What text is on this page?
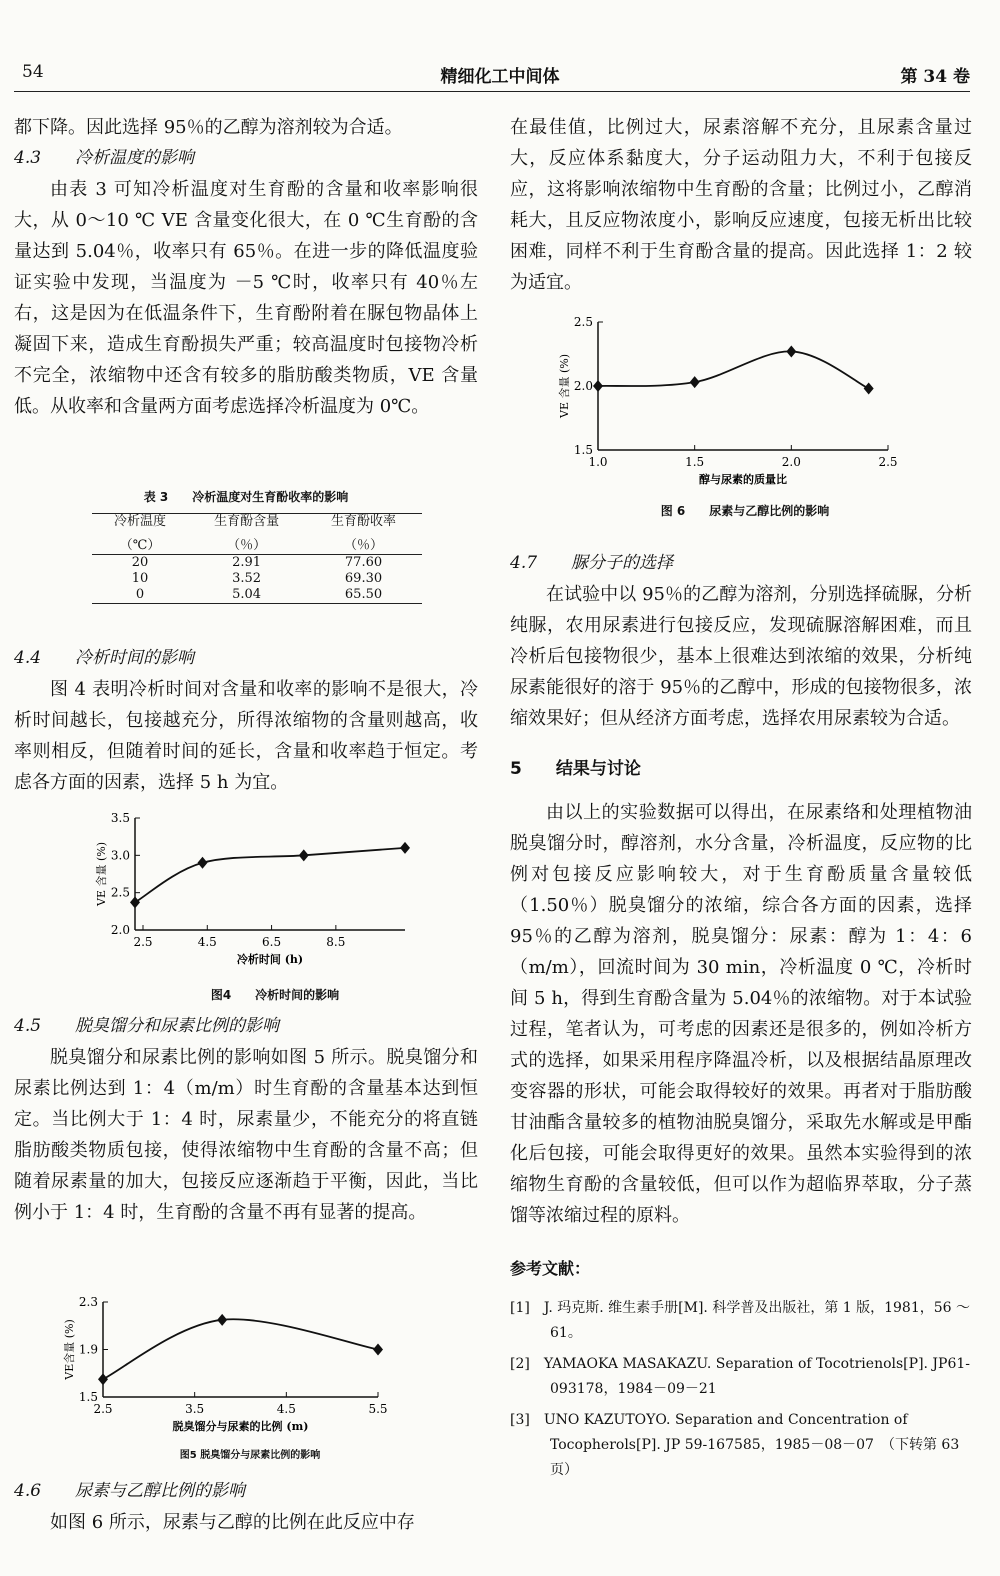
54	精细化工中间体	第 34 卷

都下降。因此选择 95％的乙醇为溶剂较为合适。

4.3　　冷析温度的影响

由表 3 可知冷析温度对生育酚的含量和收率影响很大，从 0～10 ℃ VE 含量变化很大，在 0 ℃生育酚的含量达到 5.04％，收率只有 65％。在进一步的降低温度验证实验中发现，当温度为 －5 ℃时，收率只有 40％左右，这是因为在低温条件下，生育酚附着在脲包物晶体上凝固下来，造成生育酚损失严重；较高温度时包接物冷析不完全，浓缩物中还含有较多的脂肪酸类物质，VE 含量低。从收率和含量两方面考虑选择冷析温度为 0℃。

表 3　　冷析温度对生育酚收率的影响
冷析温度	生育酚含量	生育酚收率
（℃）	（％）	（％）
20	2.91	77.60
10	3.52	69.30
0	5.04	65.50

4.4　　冷析时间的影响

图 4 表明冷析时间对含量和收率的影响不是很大，冷析时间越长，包接越充分，所得浓缩物的含量则越高，收率则相反，但随着时间的延长，含量和收率趋于恒定。考虑各方面的因素，选择 5 h 为宜。

2.0
2.5
3.0
3.5
2.5	4.5	6.5	8.5
冷析时间 (h)
VE 含量 (%)
图4　　冷析时间的影响

4.5　　脱臭馏分和尿素比例的影响

脱臭馏分和尿素比例的影响如图 5 所示。脱臭馏分和尿素比例达到 1：4（m/m）时生育酚的含量基本达到恒定。当比例大于 1：4 时，尿素量少，不能充分的将直链脂肪酸类物质包接，使得浓缩物中生育酚的含量不高；但随着尿素量的加大，包接反应逐渐趋于平衡，因此，当比例小于 1：4 时，生育酚的含量不再有显著的提高。

1.5
1.9
2.3
2.5	3.5	4.5	5.5
脱臭馏分与尿素的比例 (m)
VE含量 (%)
图5 脱臭馏分与尿素比例的影响

4.6　　尿素与乙醇比例的影响

如图 6 所示，尿素与乙醇的比例在此反应中存

在最佳值，比例过大，尿素溶解不充分，且尿素含量过大，反应体系黏度大，分子运动阻力大，不利于包接反应，这将影响浓缩物中生育酚的含量；比例过小，乙醇消耗大，且反应物浓度小，影响反应速度，包接无析出比较困难，同样不利于生育酚含量的提高。因此选择 1：2 较为适宜。

1.5
2.0
2.5
1.0	1.5	2.0	2.5
醇与尿素的质量比
VE 含量 (%)
图 6　　尿素与乙醇比例的影响

4.7　　脲分子的选择

在试验中以 95％的乙醇为溶剂，分别选择硫脲，分析纯脲，农用尿素进行包接反应，发现硫脲溶解困难，而且冷析后包接物很少，基本上很难达到浓缩的效果，分析纯尿素能很好的溶于 95％的乙醇中，形成的包接物很多，浓缩效果好；但从经济方面考虑，选择农用尿素较为合适。

5　　结果与讨论

由以上的实验数据可以得出，在尿素络和处理植物油脱臭馏分时，醇溶剂，水分含量，冷析温度，反应物的比例对包接反应影响较大，对于生育酚质量含量较低（1.50％）脱臭馏分的浓缩，综合各方面的因素，选择 95％的乙醇为溶剂，脱臭馏分：尿素：醇为 1：4：6（m/m），回流时间为 30 min，冷析温度 0 ℃，冷析时间 5 h，得到生育酚含量为 5.04％的浓缩物。对于本试验过程，笔者认为，可考虑的因素还是很多的，例如冷析方式的选择，如果采用程序降温冷析，以及根据结晶原理改变容器的形状，可能会取得较好的效果。再者对于脂肪酸甘油酯含量较多的植物油脱臭馏分，采取先水解或是甲酯化后包接，可能会取得更好的效果。虽然本实验得到的浓缩物生育酚的含量较低，但可以作为超临界萃取，分子蒸馏等浓缩过程的原料。

参考文献：

[1]　J. 玛克斯. 维生素手册[M]. 科学普及出版社，第 1 版，1981，56 ～ 61。

[2]　YAMAOKA MASAKAZU. Separation of Tocotrienols[P]. JP61-093178，1984－09－21

[3]　UNO KAZUTOYO. Separation and Concentration of Tocopherols[P]. JP 59-167585，1985－08－07　（下转第 63 页）
